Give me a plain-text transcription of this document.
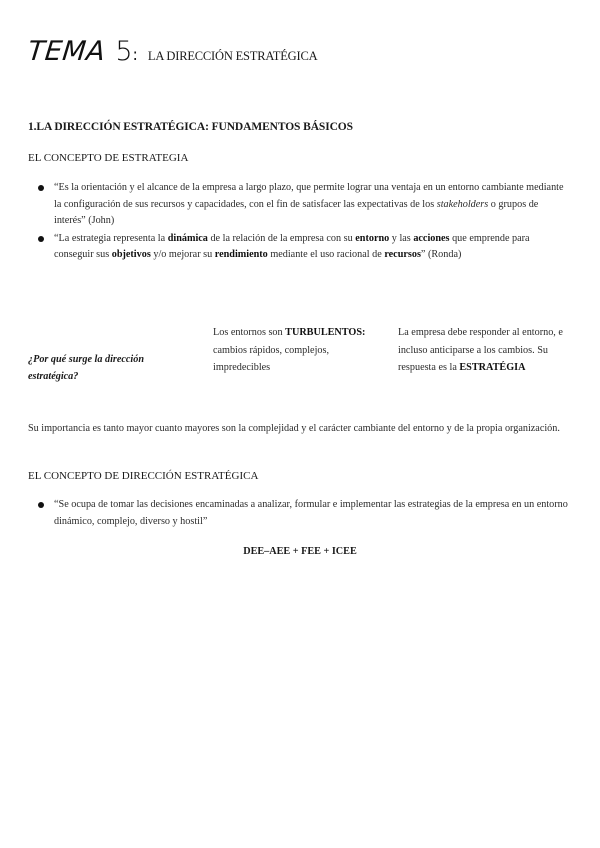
TEMA 5 : LA DIRECCIÓN ESTRATÉGICA
1.LA DIRECCIÓN ESTRATÉGICA: FUNDAMENTOS BÁSICOS
EL CONCEPTO DE ESTRATEGIA
“Es la orientación y el alcance de la empresa a largo plazo, que permite lograr una ventaja en un entorno cambiante mediante la configuración de sus recursos y capacidades, con el fin de satisfacer las expectativas de los stakeholders o grupos de interés” (John)
“La estrategia representa la dinámica de la relación de la empresa con su entorno y las acciones que emprende para conseguir sus objetivos y/o mejorar su rendimiento mediante el uso racional de recursos” (Ronda)
¿Por qué surge la dirección estratégica?
Los entornos son TURBULENTOS: cambios rápidos, complejos, impredecibles
La empresa debe responder al entorno, e incluso anticiparse a los cambios. Su respuesta es la ESTRATÉGIA
Su importancia es tanto mayor cuanto mayores son la complejidad y el carácter cambiante del entorno y de la propia organización.
EL CONCEPTO DE DIRECCIÓN ESTRATÉGICA
“Se ocupa de tomar las decisiones encaminadas a analizar, formular e implementar las estrategias de la empresa en un entorno dinámico, complejo, diverso y hostil”
DEE–AEE + FEE + ICEE
